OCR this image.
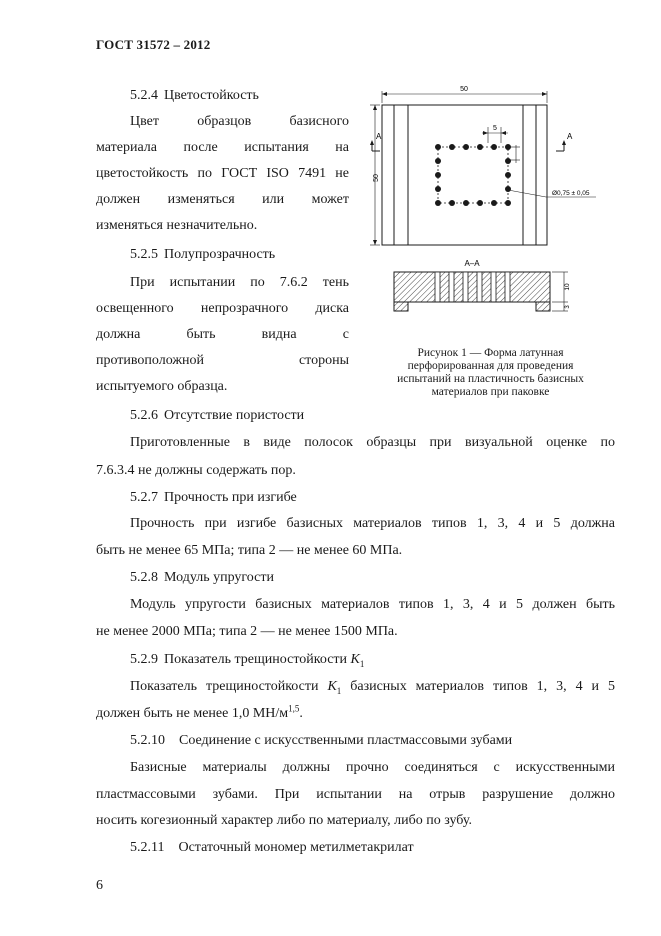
ГОСТ 31572 – 2012
5.2.4 Цветостойкость
Цвет образцов базисного
материала после испытания на
цветостойкость по ГОСТ ISO 7491 не
должен изменяться или может
изменяться незначительно.
5.2.5 Полупрозрачность
При испытании по 7.6.2 тень
освещенного непрозрачного диска
должна быть видна с
противоположной стороны
испытуемого образца.
50
50
5
Ø0,75 ± 0,05
А	А
А–А
10
3
Рисунок 1 — Форма латунная
перфорированная для проведения
испытаний на пластичность базисных
материалов при паковке
5.2.6 Отсутствие пористости
Приготовленные в виде полосок образцы при визуальной оценке по
7.6.3.4 не должны содержать пор.
5.2.7 Прочность при изгибе
Прочность при изгибе базисных материалов типов 1, 3, 4 и 5 должна
быть не менее 65 МПа; типа 2 — не менее 60 МПа.
5.2.8 Модуль упругости
Модуль упругости базисных материалов типов 1, 3, 4 и 5 должен быть
не менее 2000 МПа; типа 2 — не менее 1500 МПа.
5.2.9 Показатель трещиностойкости $K_1$
Показатель трещиностойкости $K_1$ базисных материалов типов 1, 3, 4 и 5
должен быть не менее 1,0 $МН/м^{1,5}$.
5.2.10 Соединение с искусственными пластмассовыми зубами
Базисные материалы должны прочно соединяться с искусственными
пластмассовыми зубами. При испытании на отрыв разрушение должно
носить когезионный характер либо по материалу, либо по зубу.
5.2.11 Остаточный мономер метилметакрилат
6
